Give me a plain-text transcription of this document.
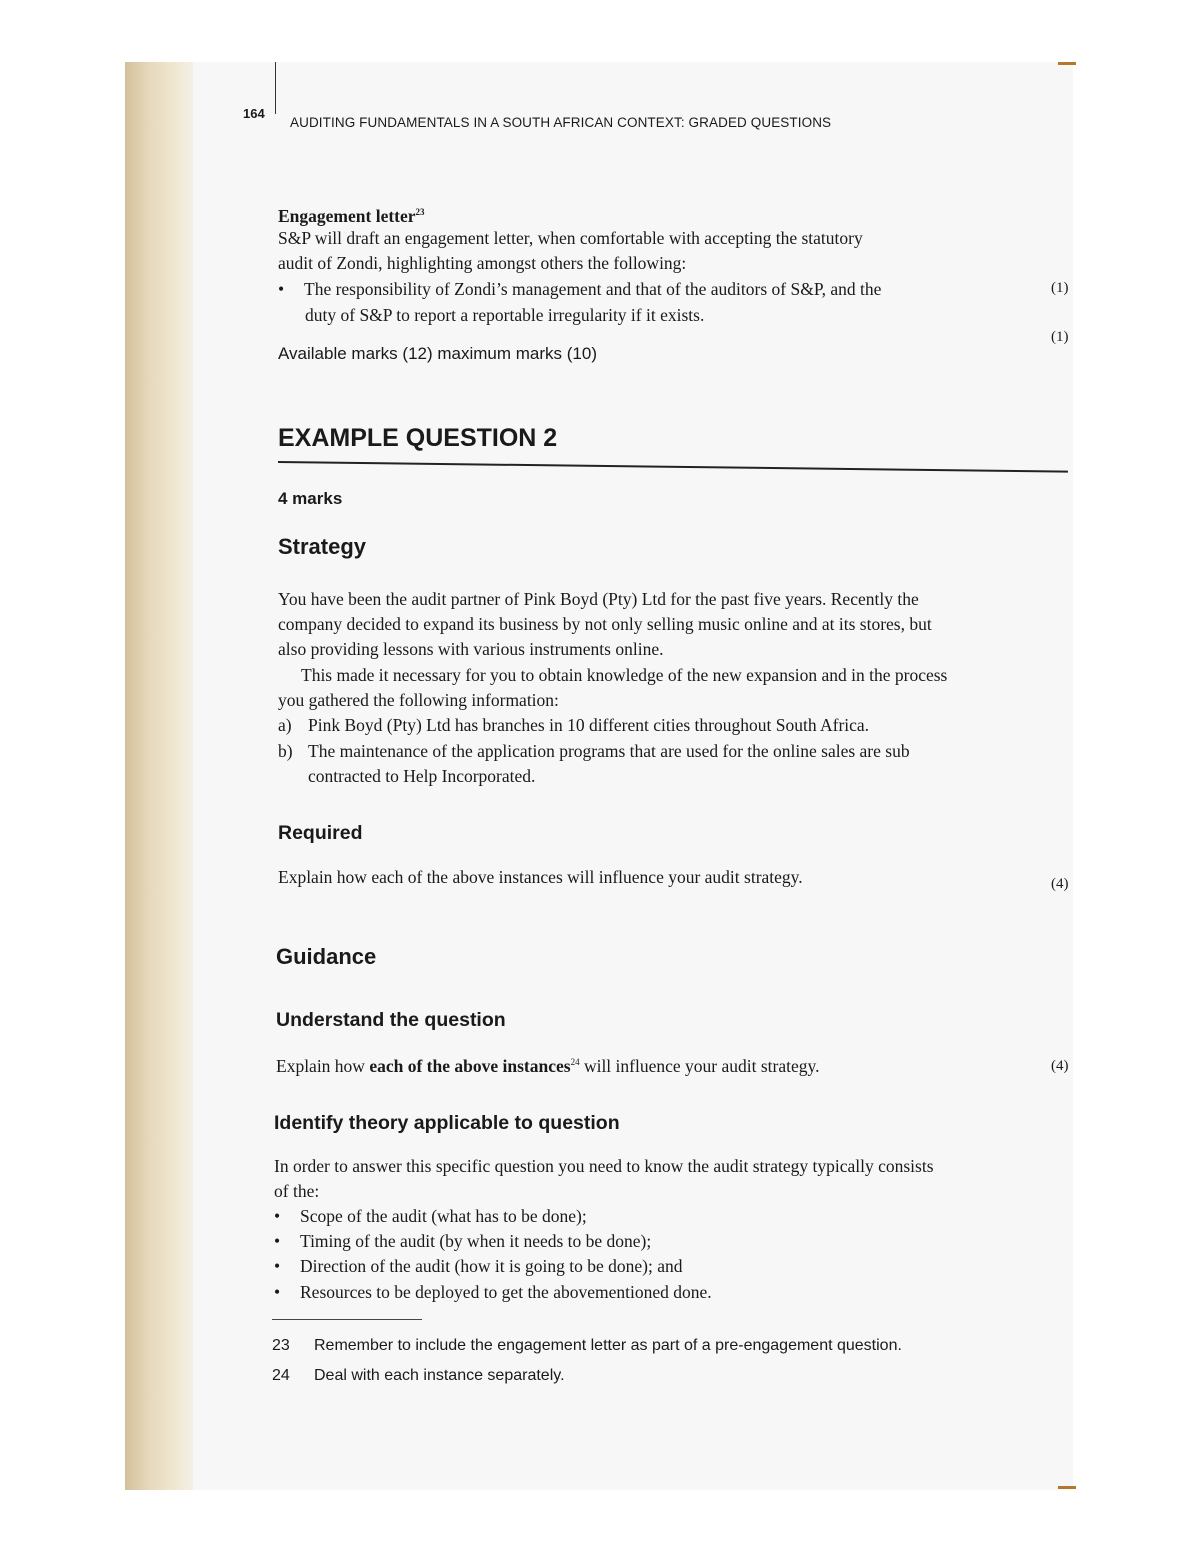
164
AUDITING FUNDAMENTALS IN A SOUTH AFRICAN CONTEXT: GRADED QUESTIONS
Engagement letter$^{23}$
S&P will draft an engagement letter, when comfortable with accepting the statutory
audit of Zondi, highlighting amongst others the following:
• The responsibility of Zondi’s management and that of the auditors of S&P, and the
duty of S&P to report a reportable irregularity if it exists.
(1)
(1)
Available marks (12) maximum marks (10)
EXAMPLE QUESTION 2
4 marks
Strategy
You have been the audit partner of Pink Boyd (Pty) Ltd for the past five years. Recently the
company decided to expand its business by not only selling music online and at its stores, but
also providing lessons with various instruments online.
This made it necessary for you to obtain knowledge of the new expansion and in the process
you gathered the following information:
a) Pink Boyd (Pty) Ltd has branches in 10 different cities throughout South Africa.
b) The maintenance of the application programs that are used for the online sales are sub
contracted to Help Incorporated.
Required
Explain how each of the above instances will influence your audit strategy.	(4)
Guidance
Understand the question
Explain how each of the above instances$^{24}$ will influence your audit strategy.	(4)
Identify theory applicable to question
In order to answer this specific question you need to know the audit strategy typically consists
of the:
• Scope of the audit (what has to be done);
• Timing of the audit (by when it needs to be done);
• Direction of the audit (how it is going to be done); and
• Resources to be deployed to get the abovementioned done.
23 Remember to include the engagement letter as part of a pre-engagement question.
24 Deal with each instance separately.
